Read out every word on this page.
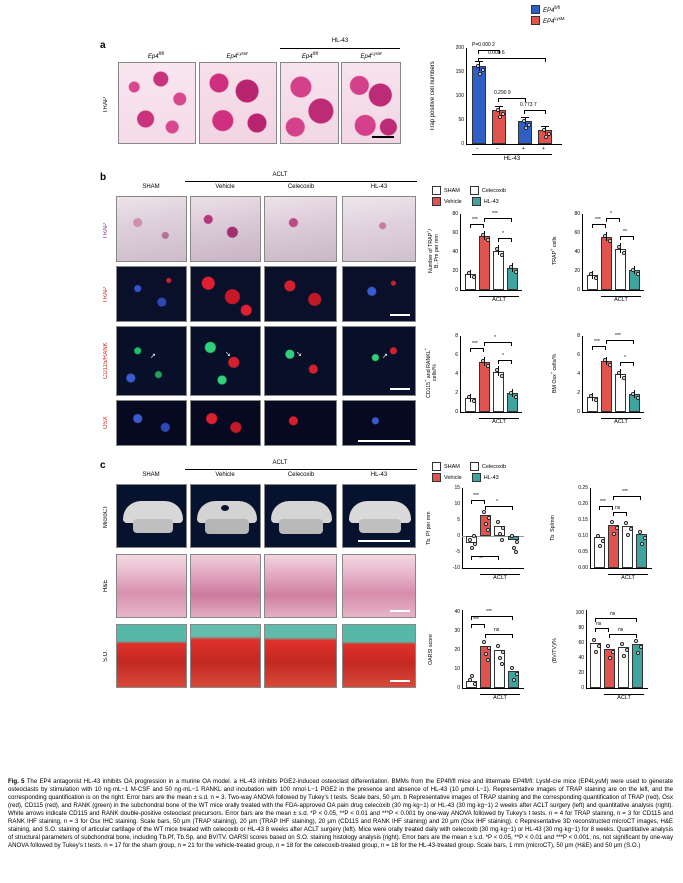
$EP4^{fl/fl}$
$EP4^{LysM}$
a	HL-43
$Ep4^{fl/fl}$
$Ep4^{LysM}$
$Ep4^{fl/fl}$
$Ep4^{LysM}$
TRAP
0
50
100
150
200 P=0.000 2
0.000 6
0.290 9
0.773 7
−	−	+	+
HL-43
Trap positive cell numbers
b	ACLT
SHAM	Vehicle	Celecoxib	HL-43
TRAP
TRAP
CD115/RANK
OSX
↗	↘	↘	↗
SHAM	Celecoxib
Vehicle	HL-43
0
20
40
60
80
***
***
*
ACLT
Number of TRAP+/
B. Pm per mm
0
20
40
60
80
***
*
**
ACLT
TRAP+ cells
0
2
4
6
8
***
*
*
ACLT
CD115+ and RANKL+
cells/%
0
2
4
6
8
***
***
*
ACLT
BM Osx+ cells/%
c	ACLT
SHAM	Vehicle	Celecoxib	HL-43
MicroCT
H&E
S.O.
SHAM	Celecoxib
Vehicle	HL-43
-10
-5
0
5
10
15
***
**
*
ACLT
Tb. Pf per mm
0.00
0.05
0.10
0.15
0.20
0.25
***
ns
***
ACLT
Tb. Sp/mm
0
10
20
30
40
***
***
ns
ACLT
OARSI score
0
20
40
60
80
100
ns
ns
ns
ACLT
(BV/TV)/%
Fig. 5 The EP4 antagonist HL-43 inhibits OA progression in a murine OA model. a HL-43 inhibits PGE2-induced osteoclast differentiation. BMMs from the EP4fl/fl mice and littermate EP4fl/fl: LysM-cre mice (EP4LysM) were used to generate osteoclasts by stimulation with 10 ng·mL−1 M-CSF and 50 ng·mL−1 RANKL and incubation with 100 nmol·L−1 PGE2 in the presence and absence of HL-43 (10 μmol·L−1). Representative images of TRAP staining are on the left, and the corresponding quantification is on the right. Error bars are the mean ± s.d. n = 3. Two-way ANOVA followed by Tukey's t tests. Scale bars, 50 μm. b Representative images of TRAP staining and the corresponding quantification of TRAP (red), Osx (red), CD115 (red), and RANK (green) in the subchondral bone of the WT mice orally treated with the FDA-approved OA pain drug celecoxib (30 mg·kg−1) or HL-43 (30 mg·kg−1) 2 weeks after ACLT surgery (left) and quantitative analysis (right). White arrows indicate CD115 and RANK double-positive osteoclast precursors. Error bars are the mean ± s.d. *P < 0.05, **P < 0.01 and ***P < 0.001 by one-way ANOVA followed by Tukey's t tests. n = 4 for TRAP staining, n = 3 for CD115 and RANK IHF staining, n = 3 for Osx IHC staining. Scale bars, 50 μm (TRAP staining), 20 μm (TRAP IHF staining), 20 μm (CD115 and RANK IHF staining) and 20 μm (Osx IHF staining). c Representative 3D reconstructed microCT images, H&E staining, and S.O. staining of articular cartilage of the WT mice treated with celecoxib or HL-43 8 weeks after ACLT surgery (left). Mice were orally treated daily with celecoxib (30 mg·kg−1) or HL-43 (30 mg·kg−1) for 8 weeks. Quantitative analysis of structural parameters of subchondral bone, including Tb.Pf, Tb.Sp, and BV/TV. OARSI scores based on S.O. staining histology analysis (right). Error bars are the mean ± s.d. *P < 0.05, **P < 0.01 and ***P < 0.001, ns, not significant by one-way ANOVA followed by Tukey's t tests. n = 17 for the sham group, n = 21 for the vehicle-treated group, n = 18 for the celecoxib-treated group, n = 18 for the HL-43-treated group. Scale bars, 1 mm (microCT), 50 μm (H&E) and 50 μm (S.O.)
